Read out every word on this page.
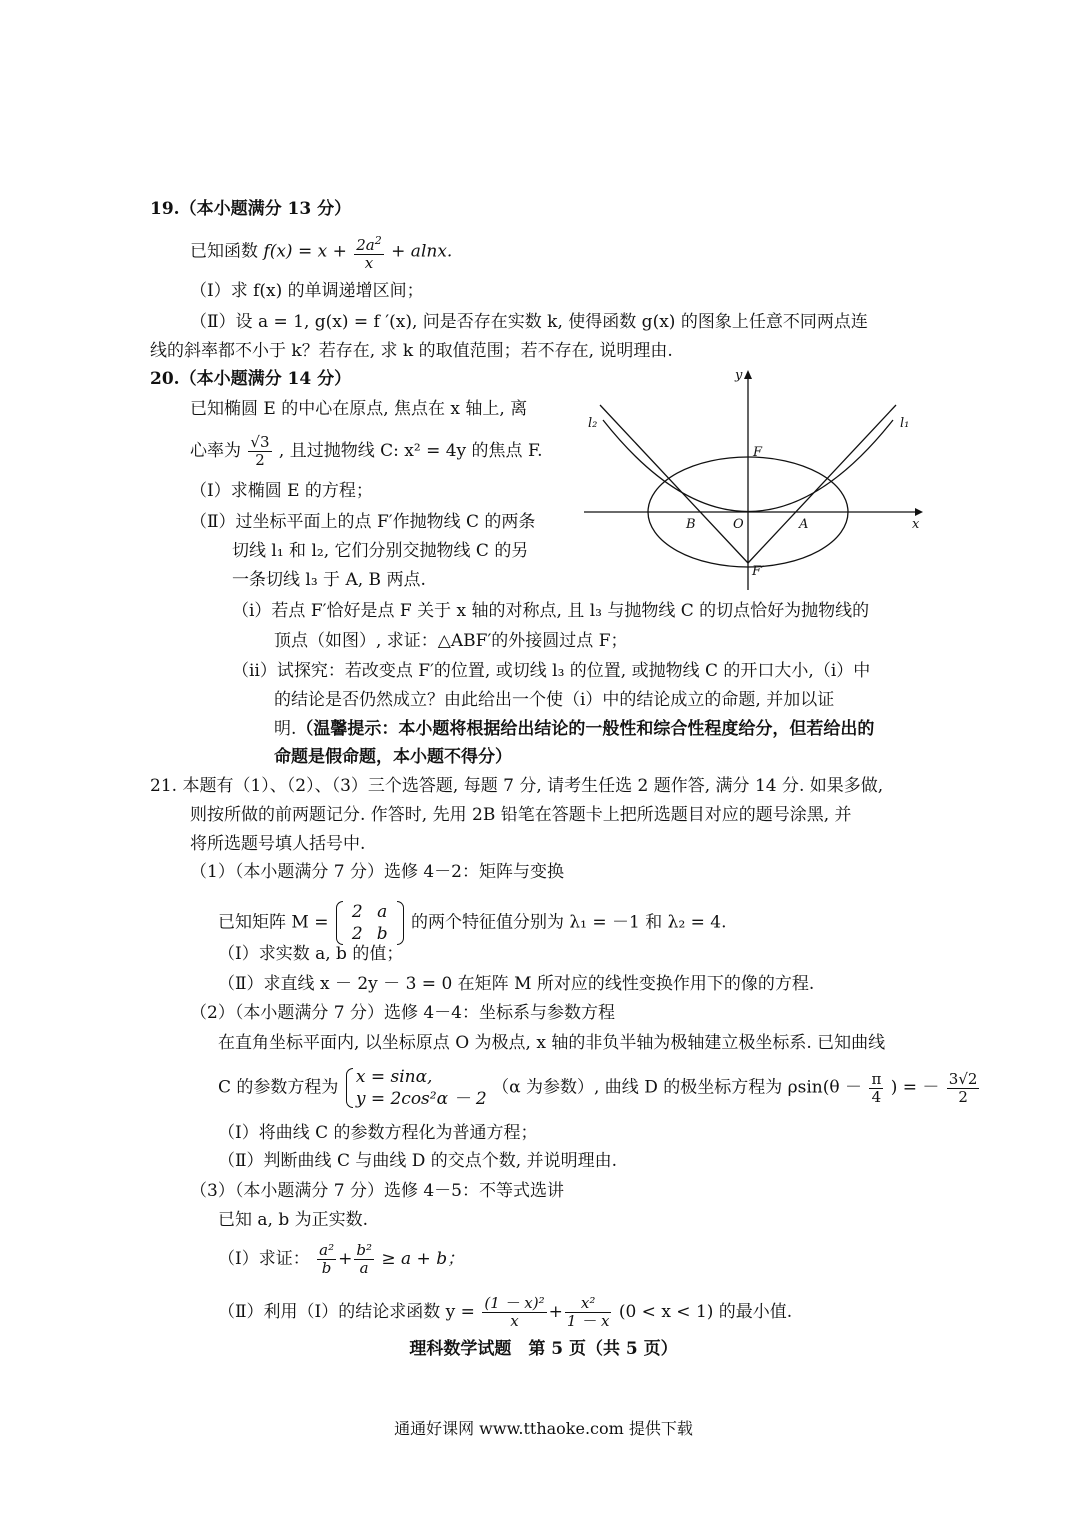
19.（本小题满分 13 分）
已知函数 $f(x) = x + \frac{2a^2}{x} + alnx$.
（Ⅰ）求 f(x) 的单调递增区间；
（Ⅱ）设 a = 1, g(x) = f ′(x), 问是否存在实数 k, 使得函数 g(x) 的图象上任意不同两点连
线的斜率都不小于 k？若存在, 求 k 的取值范围；若不存在, 说明理由.
20.（本小题满分 14 分）
已知椭圆 E 的中心在原点, 焦点在 x 轴上, 离
心率为 $\frac{√3}{2}$ , 且过抛物线 C: x² = 4y 的焦点 F.
（Ⅰ）求椭圆 E 的方程；
（Ⅱ）过坐标平面上的点 F′作抛物线 C 的两条
切线 l₁ 和 l₂, 它们分别交抛物线 C 的另
一条切线 l₃ 于 A, B 两点.
（ⅰ）若点 F′恰好是点 F 关于 x 轴的对称点, 且 l₃ 与抛物线 C 的切点恰好为抛物线的
顶点（如图）, 求证：△ABF′的外接圆过点 F；
（ⅱ）试探究：若改变点 F′的位置, 或切线 l₃ 的位置, 或抛物线 C 的开口大小,（ⅰ）中
的结论是否仍然成立？由此给出一个使（ⅰ）中的结论成立的命题, 并加以证
明.（温馨提示：本小题将根据给出结论的一般性和综合性程度给分，但若给出的
命题是假命题，本小题不得分）
y
x
l₂	l₁
F
B	O	A
F′
21. 本题有（1）、（2）、（3）三个选答题, 每题 7 分, 请考生任选 2 题作答, 满分 14 分. 如果多做,
则按所做的前两题记分. 作答时, 先用 2B 铅笔在答题卡上把所选题目对应的题号涂黑, 并
将所选题号填人括号中.
（1）（本小题满分 7 分）选修 4－2：矩阵与变换
已知矩阵 M =
2	a
2	b
的两个特征值分别为 λ₁ = －1 和 λ₂ = 4.
（Ⅰ）求实数 a, b 的值；
（Ⅱ）求直线 x － 2y － 3 = 0 在矩阵 M 所对应的线性变换作用下的像的方程.
（2）（本小题满分 7 分）选修 4－4：坐标系与参数方程
在直角坐标平面内, 以坐标原点 O 为极点, x 轴的非负半轴为极轴建立极坐标系. 已知曲线
C 的参数方程为
x = sinα,
y = 2cos²α － 2
（α 为参数）, 曲线 D 的极坐标方程为 $\rho\sin(\theta - \frac{\pi}{4}$ ) = － $\frac{3√2}{2}$
（Ⅰ）将曲线 C 的参数方程化为普通方程；
（Ⅱ）判断曲线 C 与曲线 D 的交点个数, 并说明理由.
（3）（本小题满分 7 分）选修 4－5：不等式选讲
已知 a, b 为正实数.
（Ⅰ）求证： $\frac{\text{a²}}{b} + \frac{\text{b²}}{a} \ge a + b$；
（Ⅱ）利用（Ⅰ）的结论求函数 $y = \frac{\text{(1 － x)²}}{x} + \frac{\text{x²}}{1 - x} (0 < x < 1)$ 的最小值.
理科数学试题　第 5 页（共 5 页）
通通好课网 www.tthaoke.com 提供下载
